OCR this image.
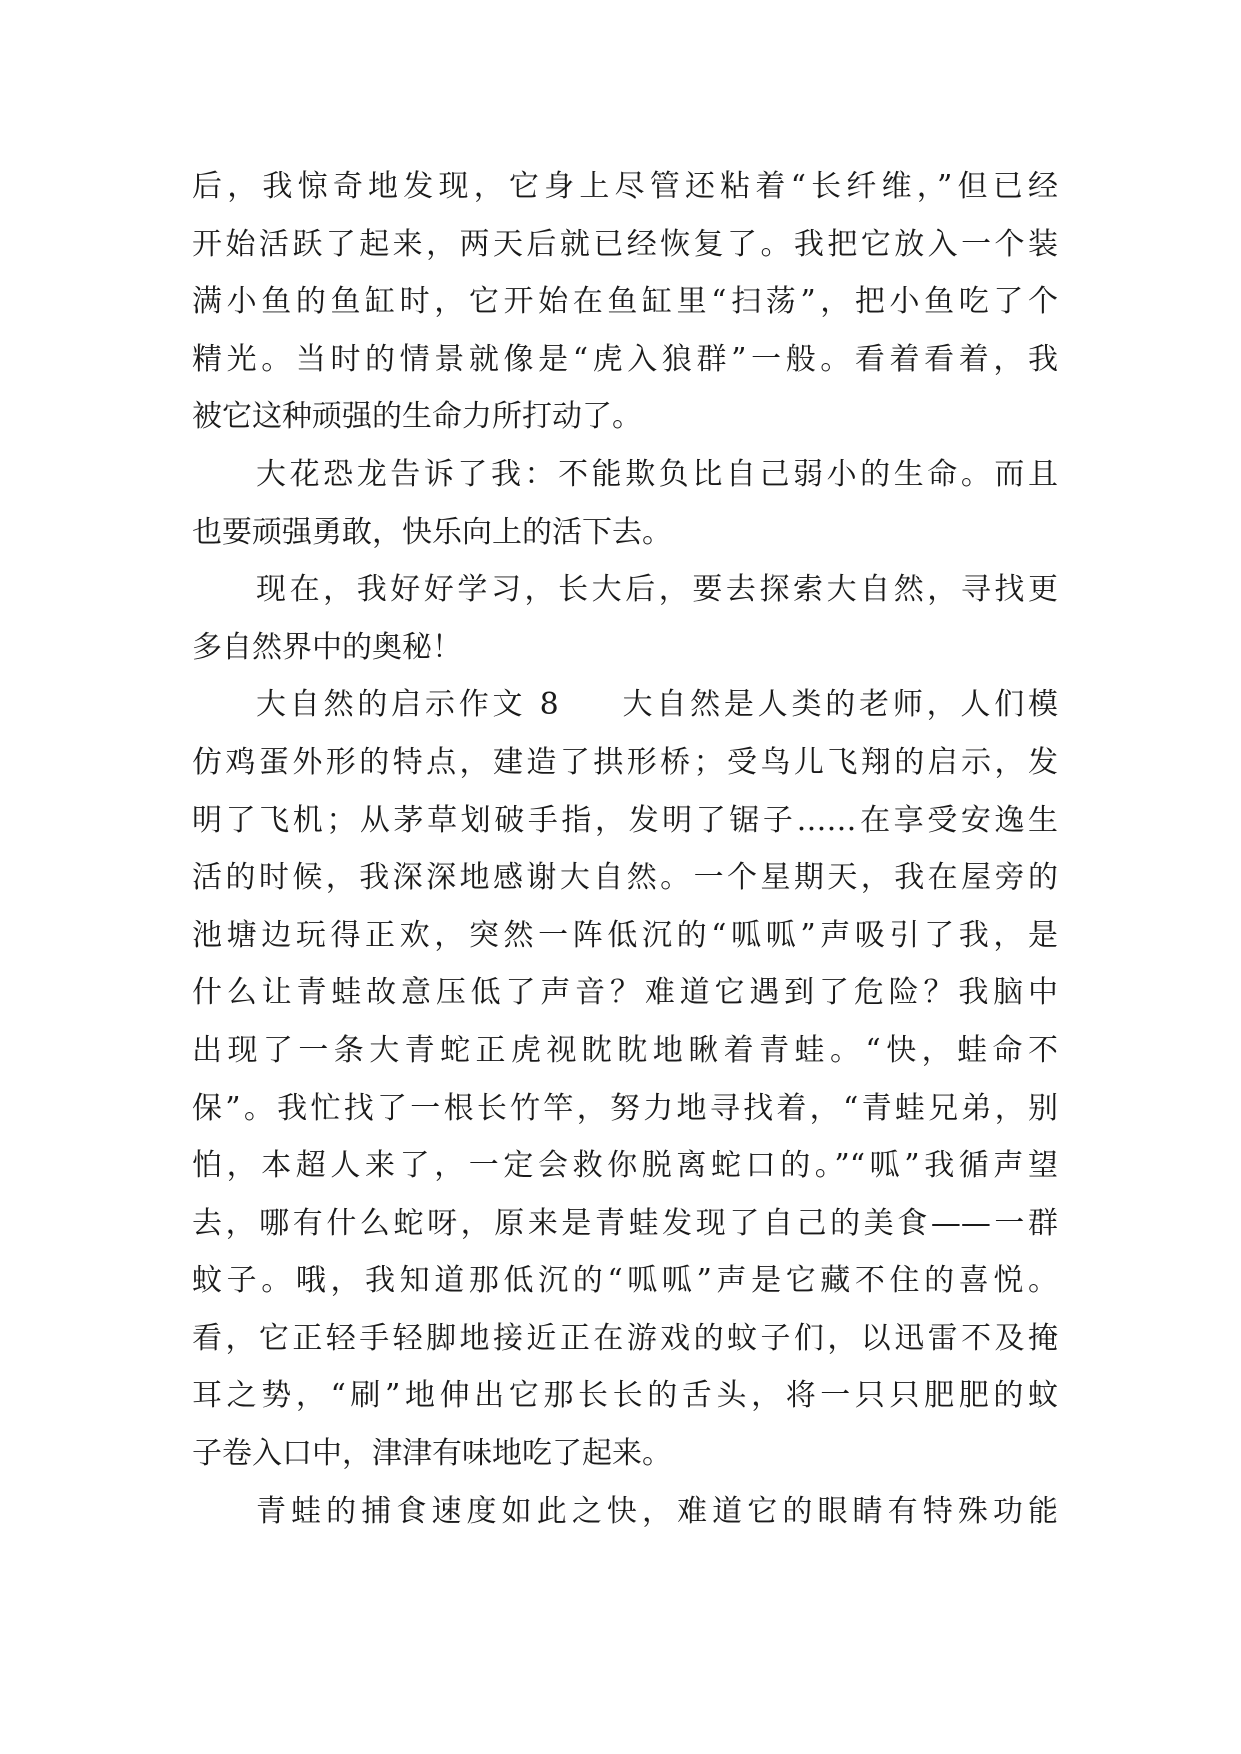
后，我惊奇地发现，它身上尽管还粘着“长纤维，”但已经
开始活跃了起来，两天后就已经恢复了。我把它放入一个装
满小鱼的鱼缸时，它开始在鱼缸里“扫荡”，把小鱼吃了个
精光。当时的情景就像是“虎入狼群”一般。看着看着，我
被它这种顽强的生命力所打动了。
大花恐龙告诉了我：不能欺负比自己弱小的生命。而且
也要顽强勇敢，快乐向上的活下去。
现在，我好好学习，长大后，要去探索大自然，寻找更
多自然界中的奥秘！
大自然的启示作文 8 大自然是人类的老师，人们模
仿鸡蛋外形的特点，建造了拱形桥；受鸟儿飞翔的启示，发
明了飞机；从茅草划破手指，发明了锯子……在享受安逸生
活的时候，我深深地感谢大自然。一个星期天，我在屋旁的
池塘边玩得正欢，突然一阵低沉的“呱呱”声吸引了我，是
什么让青蛙故意压低了声音？难道它遇到了危险？我脑中
出现了一条大青蛇正虎视眈眈地瞅着青蛙。“快，蛙命不
保”。我忙找了一根长竹竿，努力地寻找着，“青蛙兄弟，别
怕，本超人来了，一定会救你脱离蛇口的。”“呱”我循声望
去，哪有什么蛇呀，原来是青蛙发现了自己的美食——一群
蚊子。哦，我知道那低沉的“呱呱”声是它藏不住的喜悦。
看，它正轻手轻脚地接近正在游戏的蚊子们，以迅雷不及掩
耳之势，“刷”地伸出它那长长的舌头，将一只只肥肥的蚊
子卷入口中，津津有味地吃了起来。
青蛙的捕食速度如此之快，难道它的眼睛有特殊功能
